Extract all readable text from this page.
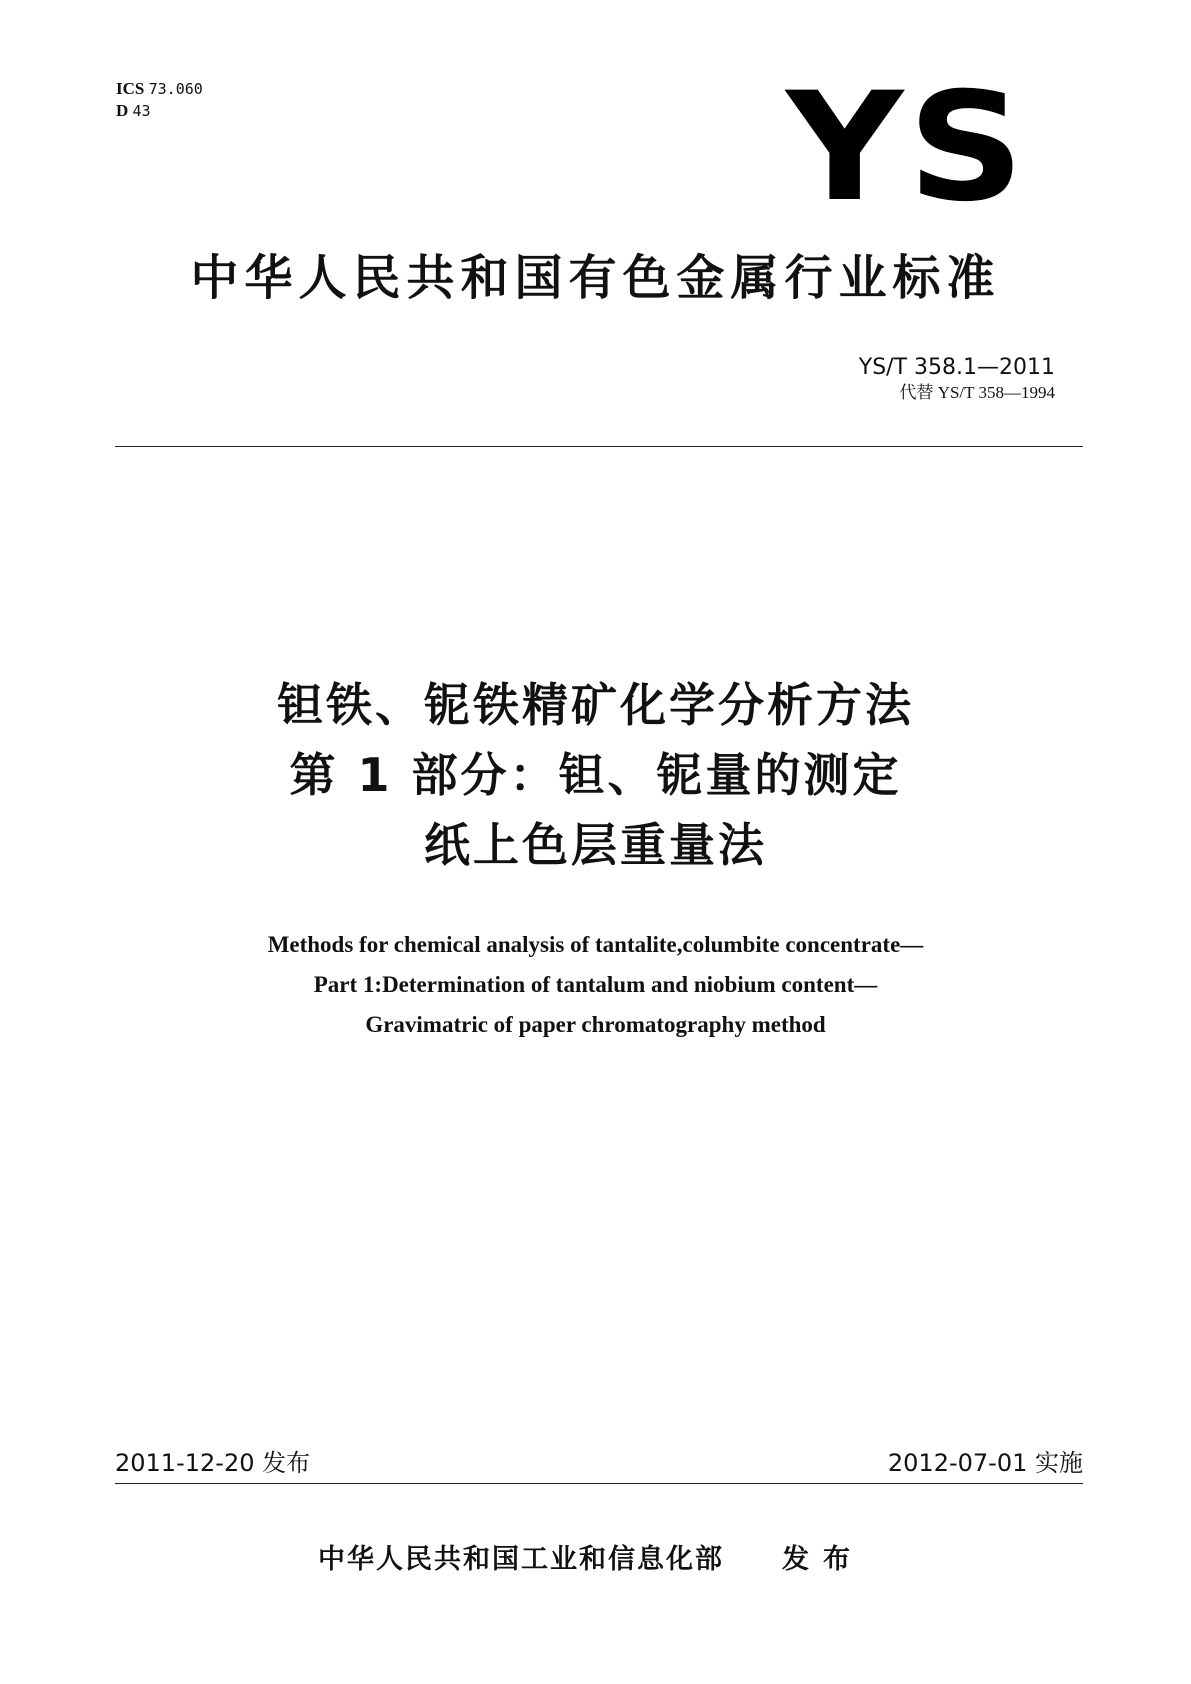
ICS 73.060
D 43	YS
中华人民共和国有色金属行业标准
YS/T 358.1—2011
代替 YS/T 358—1994
钽铁、铌铁精矿化学分析方法
第 1 部分：钽、铌量的测定
纸上色层重量法
Methods for chemical analysis of tantalite,columbite concentrate—
Part 1:Determination of tantalum and niobium content—
Gravimatric of paper chromatography method
2011-12-20 发布	2012-07-01 实施
中华人民共和国工业和信息化部 发布
